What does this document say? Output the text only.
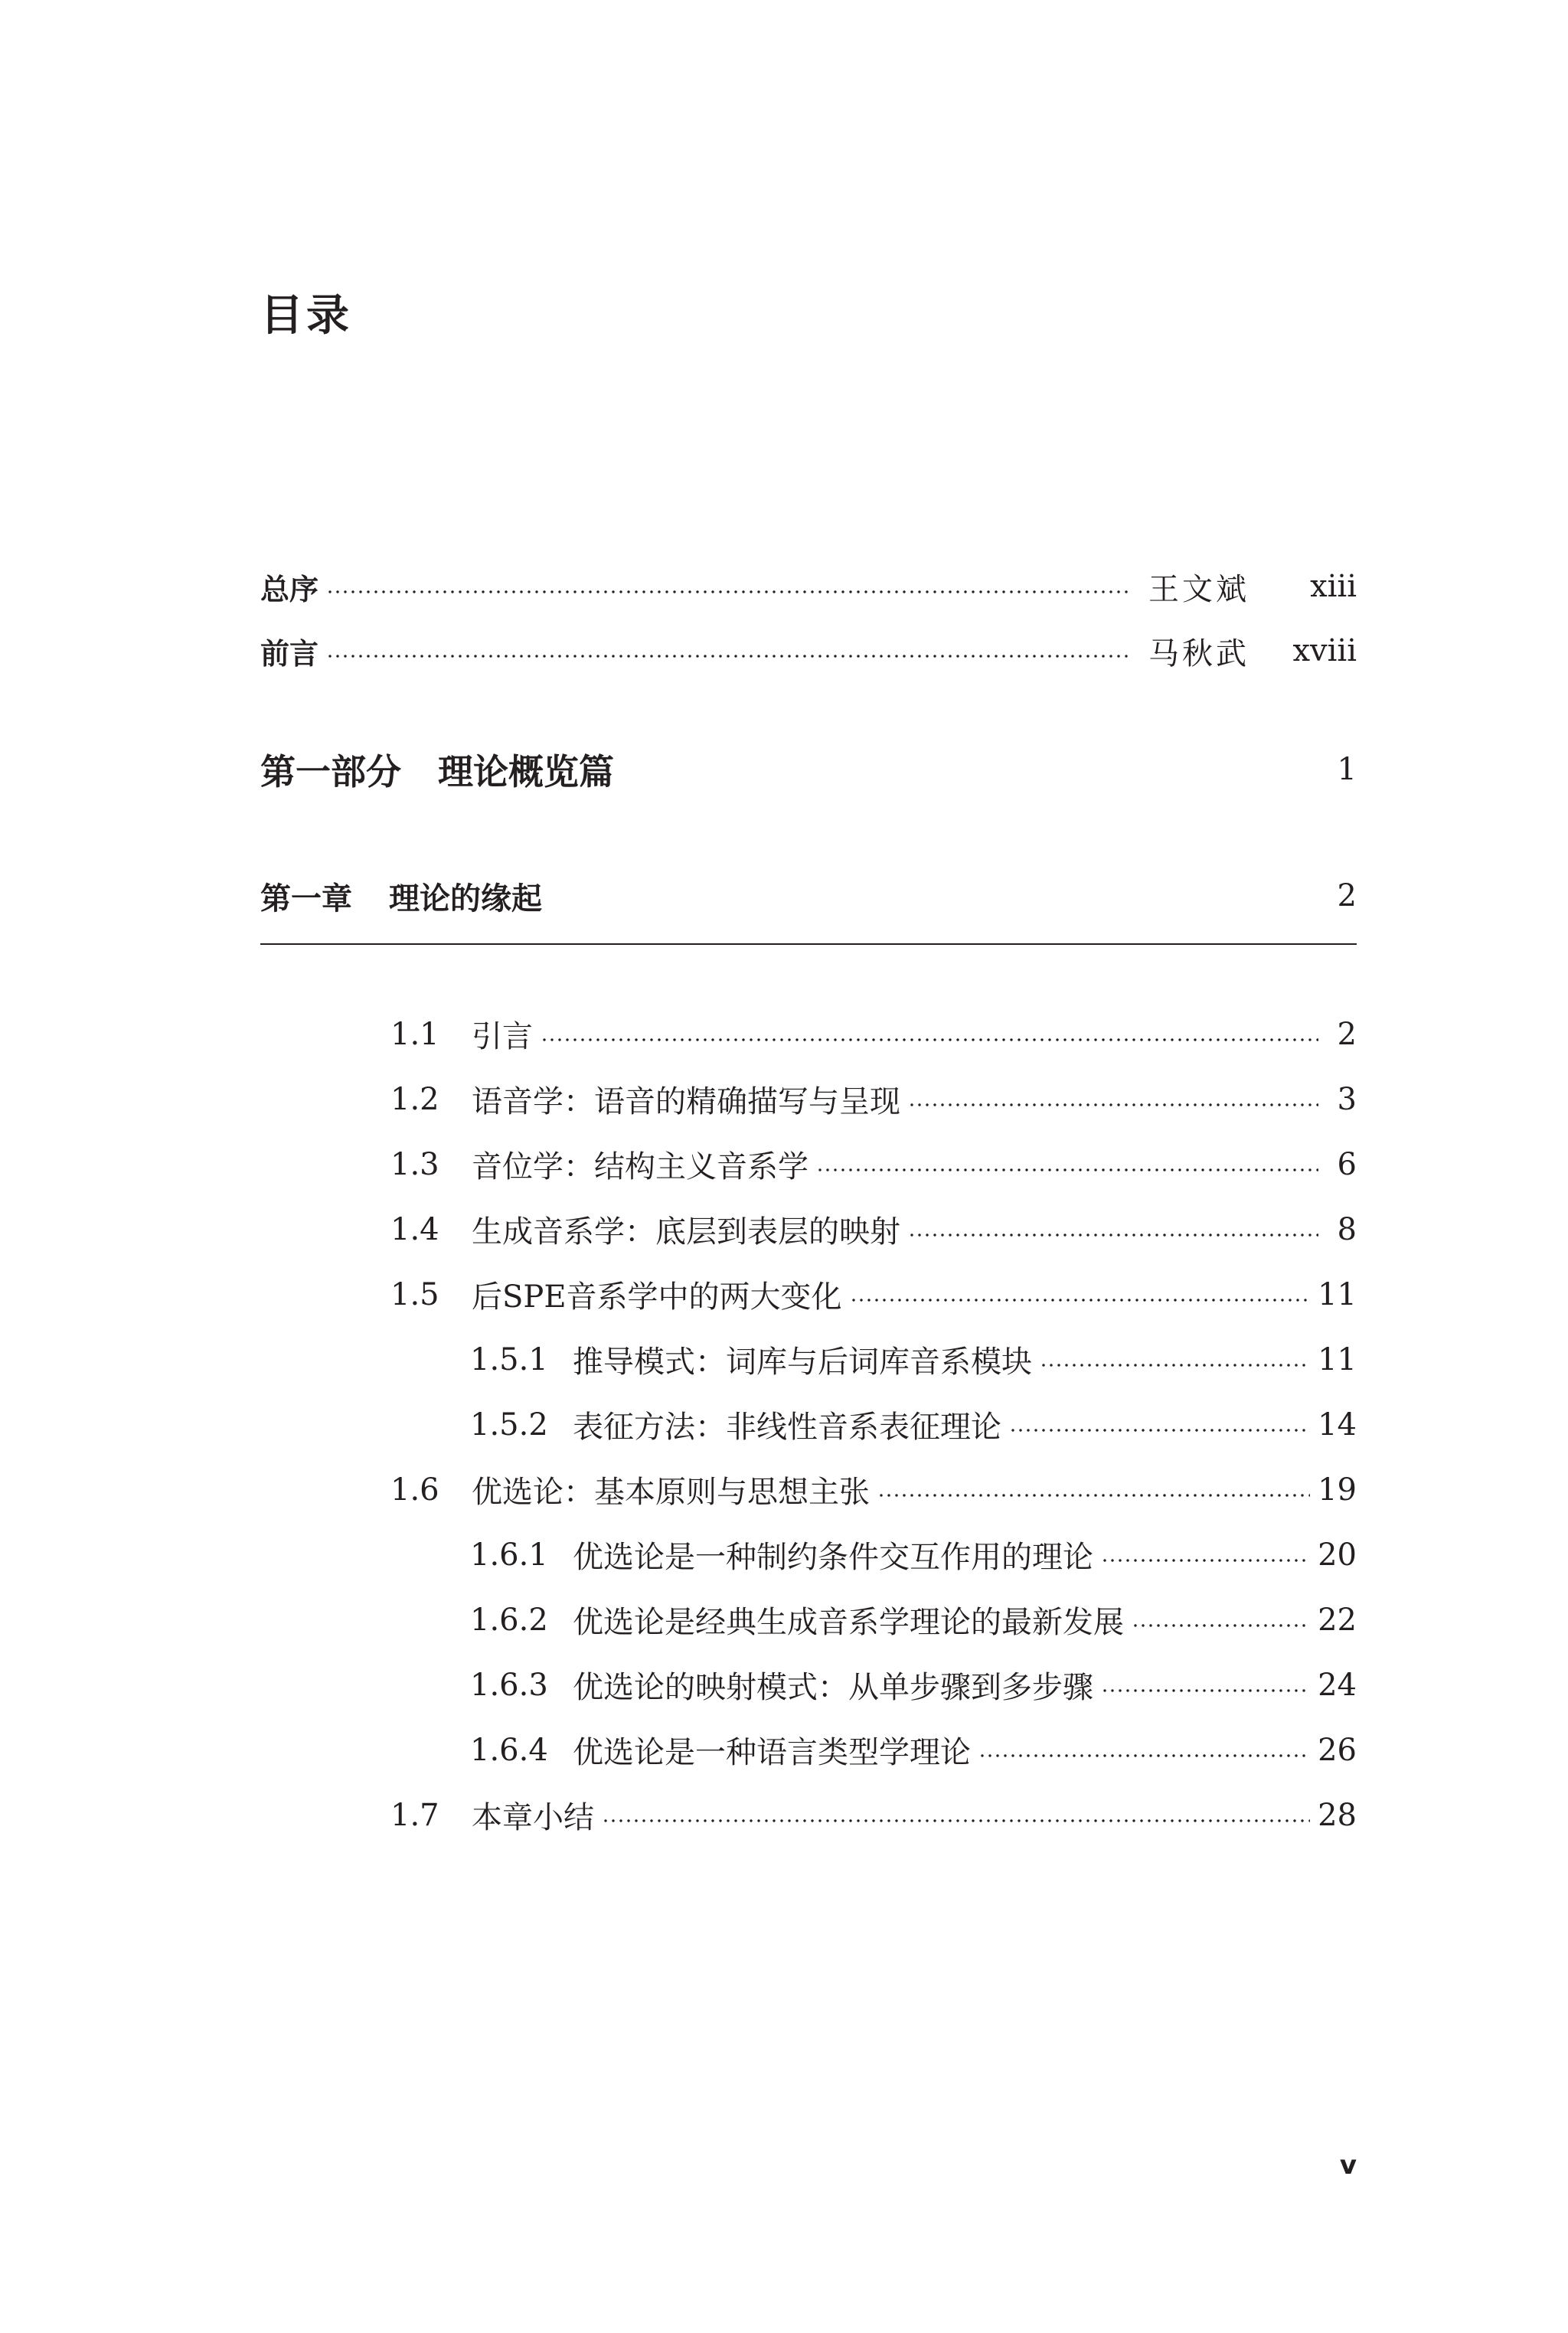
目录
总序	王文斌	xiii
前言	马秋武	xviii
第一部分 理论概览篇	1
第一章 理论的缘起	2
1.1	引言	2
1.2	语音学：语音的精确描写与呈现	3
1.3	音位学：结构主义音系学	6
1.4	生成音系学：底层到表层的映射	8
1.5	后SPE音系学中的两大变化	11
1.5.1 推导模式：词库与后词库音系模块	11
1.5.2 表征方法：非线性音系表征理论	14
1.6	优选论：基本原则与思想主张	19
1.6.1 优选论是一种制约条件交互作用的理论	20
1.6.2 优选论是经典生成音系学理论的最新发展	22
1.6.3 优选论的映射模式：从单步骤到多步骤	24
1.6.4 优选论是一种语言类型学理论	26
1.7	本章小结	28
v
